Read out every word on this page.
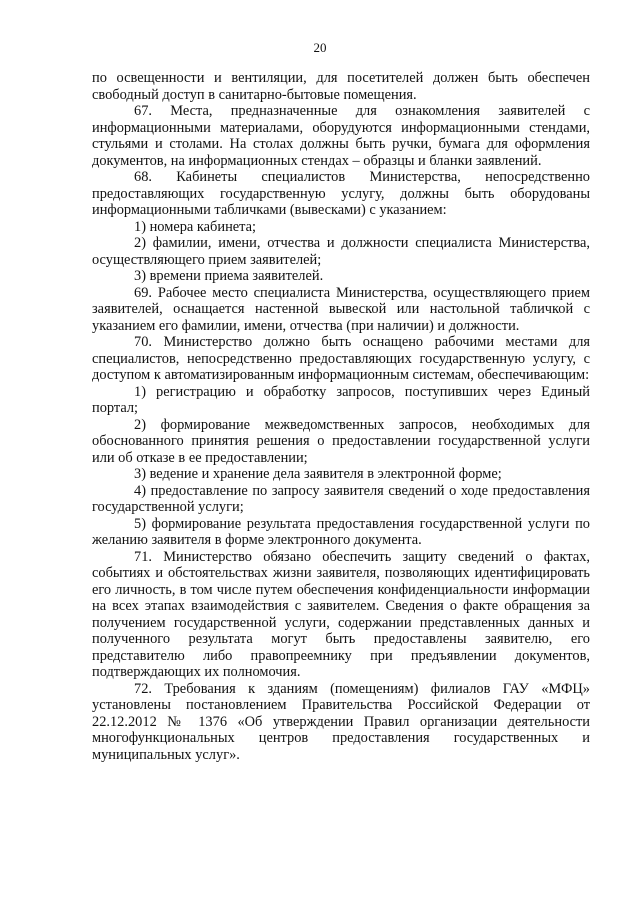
20

по освещенности и вентиляции, для посетителей должен быть обеспечен свободный доступ в санитарно-бытовые помещения.

67. Места, предназначенные для ознакомления заявителей с информационными материалами, оборудуются информационными стендами, стульями и столами. На столах должны быть ручки, бумага для оформления документов, на информационных стендах – образцы и бланки заявлений.

68. Кабинеты специалистов Министерства, непосредственно предоставляющих государственную услугу, должны быть оборудованы информационными табличками (вывесками) с указанием:

1) номера кабинета;

2) фамилии, имени, отчества и должности специалиста Министерства, осуществляющего прием заявителей;

3) времени приема заявителей.

69. Рабочее место специалиста Министерства, осуществляющего прием заявителей, оснащается настенной вывеской или настольной табличкой с указанием его фамилии, имени, отчества (при наличии) и должности.

70. Министерство должно быть оснащено рабочими местами для специалистов, непосредственно предоставляющих государственную услугу, с доступом к автоматизированным информационным системам, обеспечивающим:

1) регистрацию и обработку запросов, поступивших через Единый портал;

2) формирование межведомственных запросов, необходимых для обоснованного принятия решения о предоставлении государственной услуги или об отказе в ее предоставлении;

3) ведение и хранение дела заявителя в электронной форме;

4) предоставление по запросу заявителя сведений о ходе предоставления государственной услуги;

5) формирование результата предоставления государственной услуги по желанию заявителя в форме электронного документа.

71. Министерство обязано обеспечить защиту сведений о фактах, событиях и обстоятельствах жизни заявителя, позволяющих идентифицировать его личность, в том числе путем обеспечения конфиденциальности информации на всех этапах взаимодействия с заявителем. Сведения о факте обращения за получением государственной услуги, содержании представленных данных и полученного результата могут быть предоставлены заявителю, его представителю либо правопреемнику при предъявлении документов, подтверждающих их полномочия.

72. Требования к зданиям (помещениям) филиалов ГАУ «МФЦ» установлены постановлением Правительства Российской Федерации от 22.12.2012 № 1376 «Об утверждении Правил организации деятельности многофункциональных центров предоставления государственных и муниципальных услуг».
